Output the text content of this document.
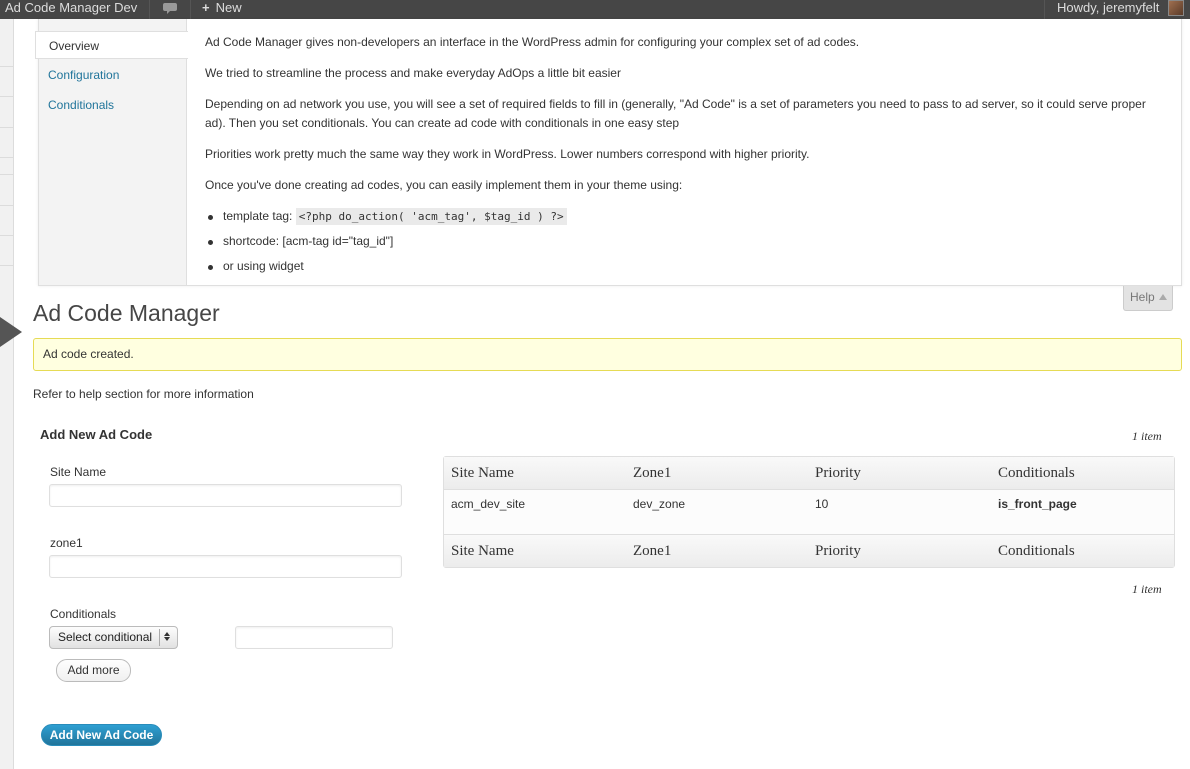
Ad Code Manager Dev	+ New	Howdy, jeremyfelt
Overview
Configuration
Conditionals

Ad Code Manager gives non-developers an interface in the WordPress admin for configuring your complex set of ad codes.

We tried to streamline the process and make everyday AdOps a little bit easier

Depending on ad network you use, you will see a set of required fields to fill in (generally, "Ad Code" is a set of parameters you need to pass to ad server, so it could serve proper ad). Then you set conditionals. You can create ad code with conditionals in one easy step

Priorities work pretty much the same way they work in WordPress. Lower numbers correspond with higher priority.

Once you've done creating ad codes, you can easily implement them in your theme using:

template tag: <?php do_action( 'acm_tag', $tag_id ) ?>
shortcode: [acm-tag id="tag_id"]
or using widget
Help
Ad Code Manager
Ad code created.
Refer to help section for more information
Add New Ad Code
Site Name
zone1
Conditionals
Select conditional
Add more
Add New Ad Code
1 item
Site Name	Zone1	Priority	Conditionals
acm_dev_site	dev_zone	10	is_front_page
Site Name	Zone1	Priority	Conditionals
1 item
